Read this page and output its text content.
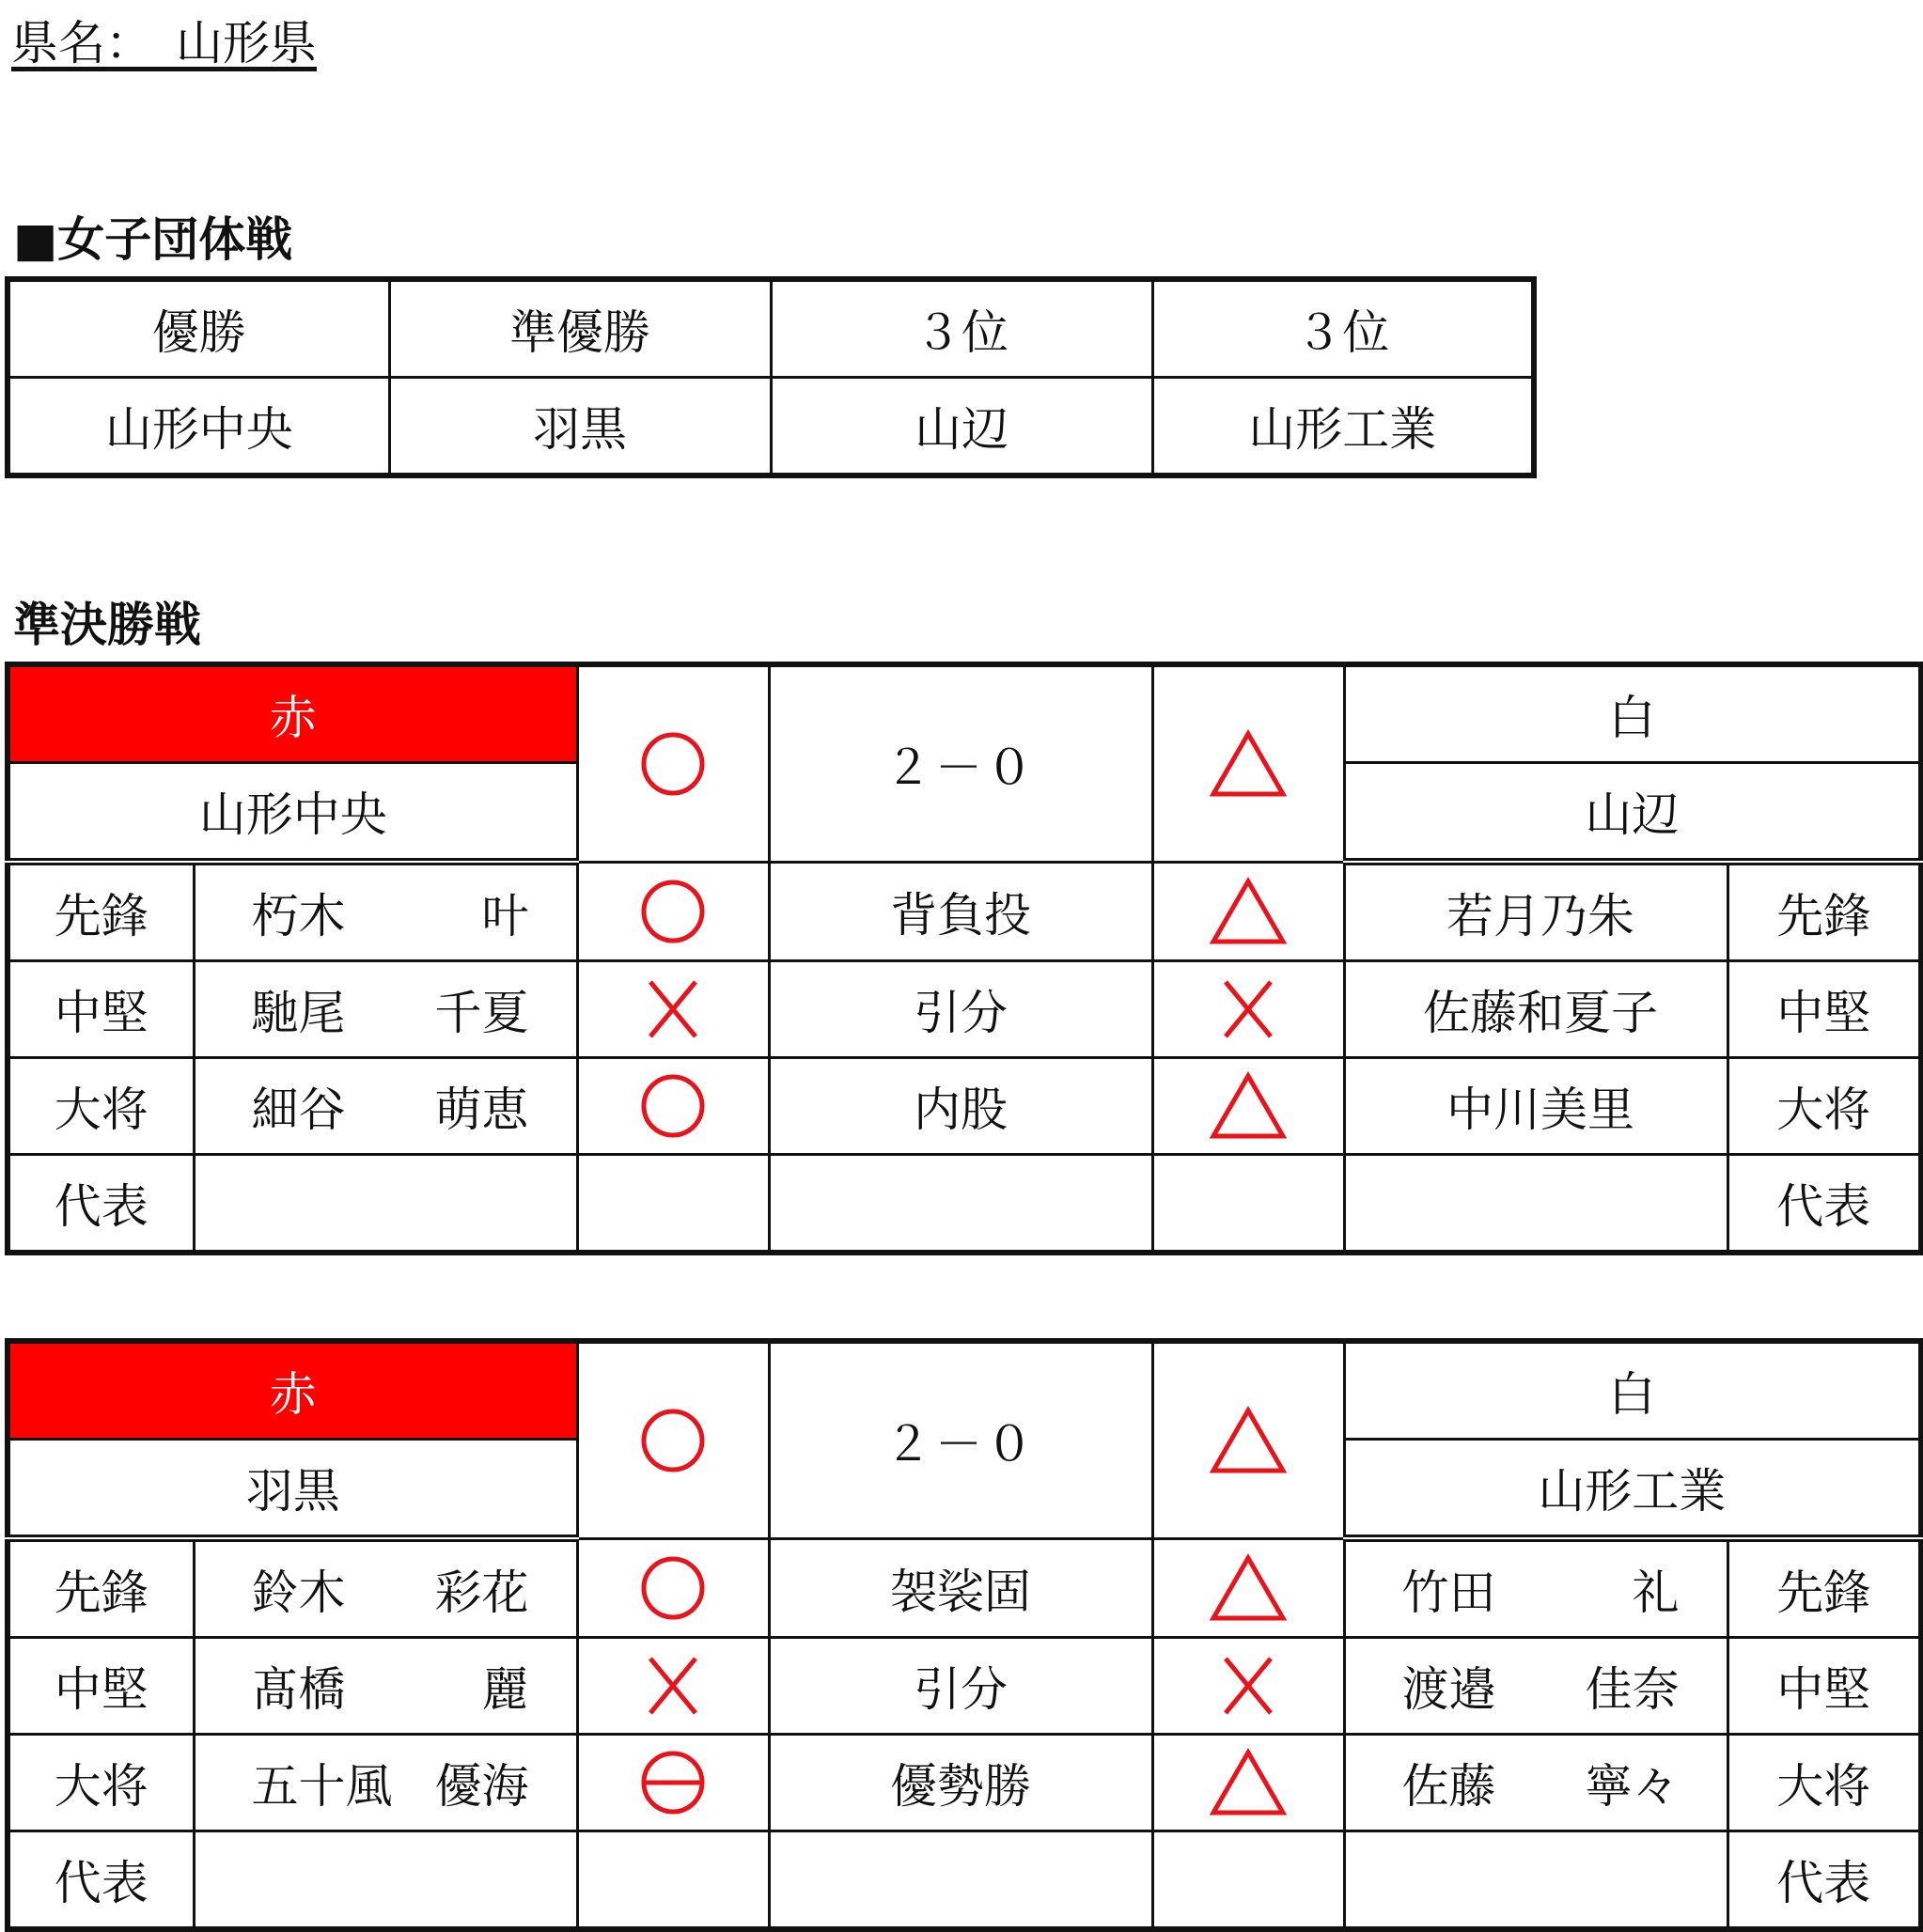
県名：　山形県
■女子団体戦
優勝	準優勝	３位	３位
山形中央	羽黒	山辺	山形工業
準決勝戦
赤			２－０		白	
山形中央					山辺	
先鋒	朽木 叶		背負投		若月乃朱	先鋒
中堅	馳尾 千夏		引分		佐藤和夏子	中堅
大将	細谷 萌恵		内股		中川美里	大将
代表						代表
赤			２－０		白	
羽黒					山形工業	
先鋒	鈴木 彩花		袈裟固		竹田 礼	先鋒
中堅	髙橋 麗		引分		渡邉 佳奈	中堅
大将	五十風 優海		優勢勝		佐藤 寧々	大将
代表						代表
